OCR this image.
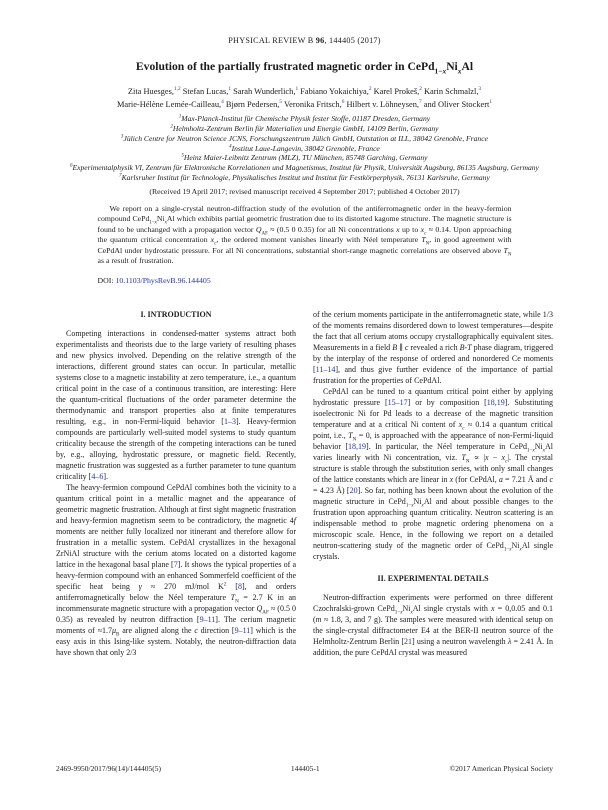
PHYSICAL REVIEW B 96, 144405 (2017)
Evolution of the partially frustrated magnetic order in $CePd_{1-x}Ni_xAl$
Zita Huesges,$^{1,2}$ Stefan Lucas,$^1$ Sarah Wunderlich,$^1$ Fabiano Yokaichiya,$^2$ Karel Prokeš,$^2$ Karin Schmalzl,$^3$
Marie-Hélène Lemée-Cailleau,$^4$ Bjørn Pedersen,$^5$ Veronika Fritsch,$^6$ Hilbert v. Löhneysen,$^7$ and Oliver Stockert$^1$
$^1$Max-Planck-Institut für Chemische Physik fester Stoffe, 01187 Dresden, Germany
$^2$Helmholtz-Zentrum Berlin für Materialien und Energie GmbH, 14109 Berlin, Germany
$^3$Jülich Centre for Neutron Science JCNS, Forschungszentrum Jülich GmbH, Outstation at ILL, 38042 Grenoble, France
$^4$Institut Laue-Langevin, 38042 Grenoble, France
$^5$Heinz Maier-Leibnitz Zentrum (MLZ), TU München, 85748 Garching, Germany
$^6$Experimentalphysik VI, Zentrum für Elektronische Korrelationen und Magnetismus, Institut für Physik, Universität Augsburg, 86135 Augsburg, Germany
$^7$Karlsruher Institut für Technologie, Physikalisches Institut und Institut für Festkörperphysik, 76131 Karlsruhe, Germany
(Received 19 April 2017; revised manuscript received 4 September 2017; published 4 October 2017)
We report on a single-crystal neutron-diffraction study of the evolution of the antiferromagnetic order in the heavy-fermion compound $CePd_{1-x}Ni_xAl$ which exhibits partial geometric frustration due to its distorted kagome structure. The magnetic structure is found to be unchanged with a propagation vector $Q_{AF} \approx (0.5$ 0 0.35) for all Ni concentrations x up to $x_c \approx 0.14$. Upon approaching the quantum critical concentration $x_c$, the ordered moment vanishes linearly with Néel temperature $T_N$, in good agreement with CePdAl under hydrostatic pressure. For all Ni concentrations, substantial short-range magnetic correlations are observed above $T_N$ as a result of frustration.
DOI: 10.1103/PhysRevB.96.144405
I. INTRODUCTION

Competing interactions in condensed-matter systems attract both experimentalists and theorists due to the large variety of resulting phases and new physics involved. Depending on the relative strength of the interactions, different ground states can occur. In particular, metallic systems close to a magnetic instability at zero temperature, i.e., a quantum critical point in the case of a continuous transition, are interesting: Here the quantum-critical fluctuations of the order parameter determine the thermodynamic and transport properties also at finite temperatures resulting, e.g., in non-Fermi-liquid behavior [1–3]. Heavy-fermion compounds are particularly well-suited model systems to study quantum criticality because the strength of the competing interactions can be tuned by, e.g., alloying, hydrostatic pressure, or magnetic field. Recently, magnetic frustration was suggested as a further parameter to tune quantum criticality [4–6].

The heavy-fermion compound CePdAl combines both the vicinity to a quantum critical point in a metallic magnet and the appearance of geometric magnetic frustration. Although at first sight magnetic frustration and heavy-fermion magnetism seem to be contradictory, the magnetic 4f moments are neither fully localized nor itinerant and therefore allow for frustration in a metallic system. CePdAl crystallizes in the hexagonal ZrNiAl structure with the cerium atoms located on a distorted kagome lattice in the hexagonal basal plane [7]. It shows the typical properties of a heavy-fermion compound with an enhanced Sommerfeld coefficient of the specific heat being γ ≈ 270 mJ/mol $K^2$ [8], and orders antiferromagnetically below the Néel temperature $T_N = 2.7$ K in an incommensurate magnetic structure with a propagation vector $Q_{AF} \approx (0.5$ 0 0.35) as revealed by neutron diffraction [9–11]. The cerium magnetic moments of $\approx 1.7\mu_B$ are aligned along the c direction [9–11] which is the easy axis in this Ising-like system. Notably, the neutron-diffraction data have shown that only 2/3

of the cerium moments participate in the antiferromagnetic state, while 1/3 of the moments remains disordered down to lowest temperatures—despite the fact that all cerium atoms occupy crystallographically equivalent sites. Measurements in a field B ∥ c revealed a rich B-T phase diagram, triggered by the interplay of the response of ordered and nonordered Ce moments [11–14], and thus give further evidence of the importance of partial frustration for the properties of CePdAl.

CePdAl can be tuned to a quantum critical point either by applying hydrostatic pressure [15–17] or by composition [18,19]. Substituting isoelectronic Ni for Pd leads to a decrease of the magnetic transition temperature and at a critical Ni content of $x_c \approx 0.14$ a quantum critical point, i.e., $T_N = 0$, is approached with the appearance of non-Fermi-liquid behavior [18,19]. In particular, the Néel temperature in $CePd_{1-x}Ni_xAl$ varies linearly with Ni concentration, viz. $T_N \propto |x - x_c|$. The crystal structure is stable through the substitution series, with only small changes of the lattice constants which are linear in x (for CePdAl, a = 7.21 Å and c = 4.23 Å) [20]. So far, nothing has been known about the evolution of the magnetic structure in $CePd_{1-x}Ni_xAl$ and about possible changes to the frustration upon approaching quantum criticality. Neutron scattering is an indispensable method to probe magnetic ordering phenomena on a microscopic scale. Hence, in the following we report on a detailed neutron-scattering study of the magnetic order of $CePd_{1-x}Ni_xAl$ single crystals.

II. EXPERIMENTAL DETAILS

Neutron-diffraction experiments were performed on three different Czochralski-grown $CePd_{1-x}Ni_xAl$ single crystals with x = 0,0.05 and 0.1 (m ≈ 1.8, 3, and 7 g). The samples were measured with identical setup on the single-crystal diffractometer E4 at the BER-II neutron source of the Helmholtz-Zentrum Berlin [21] using a neutron wavelength λ = 2.41 Å. In addition, the pure CePdAl crystal was measured

2469-9950/2017/96(14)/144405(5)	144405-1	©2017 American Physical Society
